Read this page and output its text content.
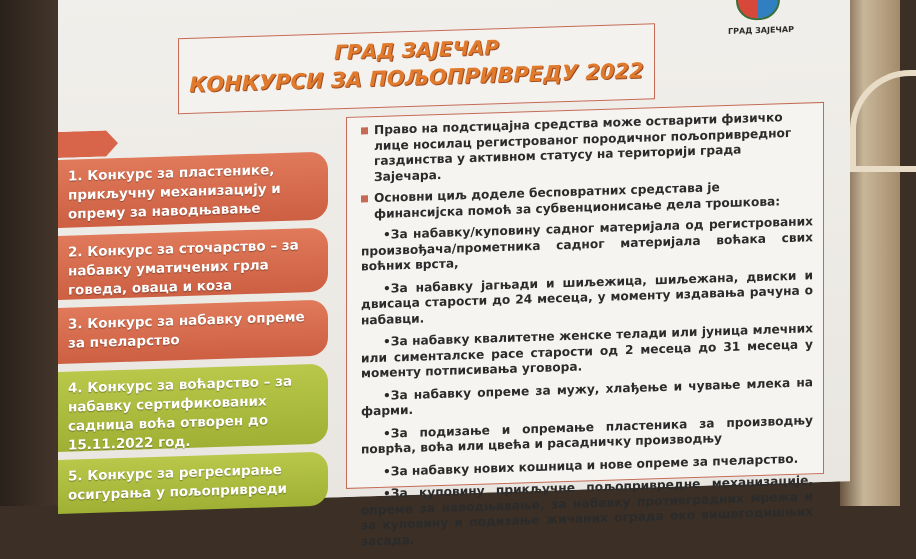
ГРАД ЗАЈЕЧАР
КОНКУРСИ ЗА ПОЉОПРИВРЕДУ 2022
ГРАД ЗАЈЕЧАР
1. Конкурс за пластенике, прикључну механизацију и опрему за наводњавање
2. Конкурс за сточарство – за набавку уматичених грла говеда, оваца и коза
3. Конкурс за набавку опреме за пчеларство
4. Конкурс за воћарство – за набавку сертификованих садница воћа отворен до 15.11.2022 год.
5. Конкурс за регресирање осигурања у пољопривреди
Право на подстицајна средства може остварити физичко лице носилац регистрованог породичног пољопривредног газдинства у активном статусу на територији града Зајечара.
Основни циљ доделе бесповратних средстава је финансијска помоћ за субвенционисање дела трошкова:

•За набавку/куповину садног материјала од регистрованих произвођача/прометника садног материјала воћака свих воћних врста,

•За набавку јагњади и шиљежица, шиљежана, двиски и двисаца старости до 24 месеца, у моменту издавања рачуна о набавци.

•За набавку квалитетне женске телади или јуница млечних или сименталске расе старости од 2 месеца до 31 месеца у моменту потписивања уговора.

•За набавку опреме за мужу, хлађење и чување млека на фарми.

•За подизање и опремање пластеника за производњу поврћа, воћа или цвећа и расадничку производњу

•За набавку нових кошница и нове опреме за пчеларство.

•За куповину прикључне пољопривредне механизације, опреме за наводњавање, за набавку противградних мрежа и за куповину и подизање жичаних ограда око вишегодишњих засада.
